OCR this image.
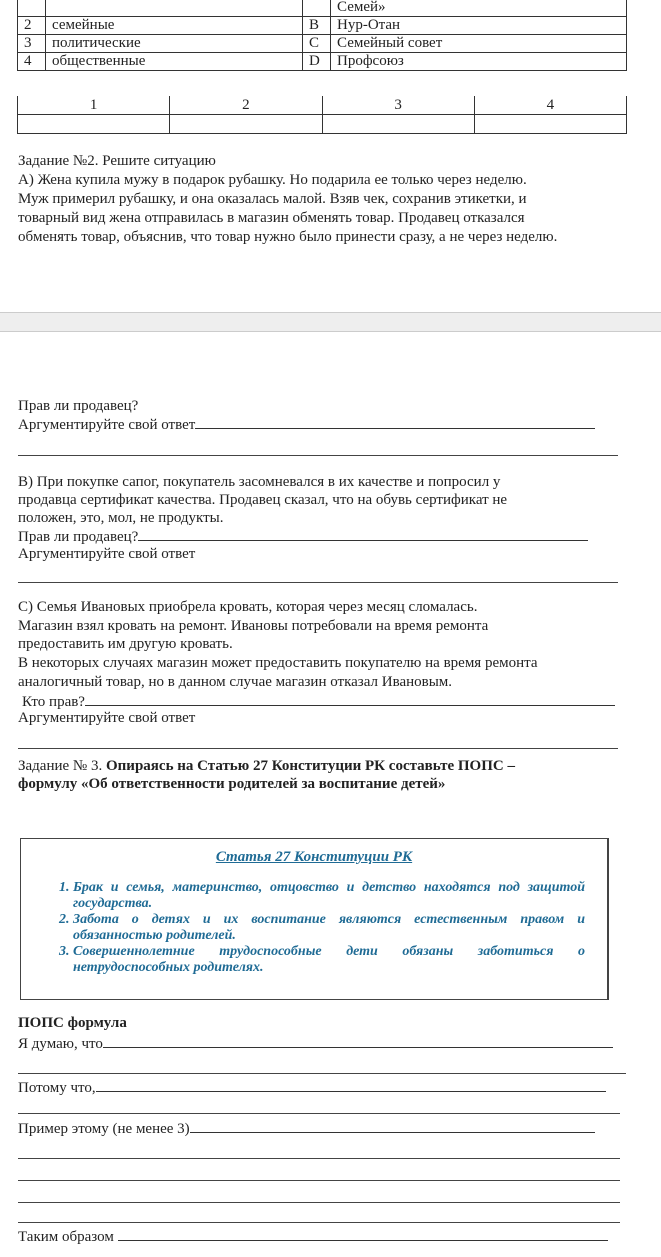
			Семей»
2	семейные	B	Нур-Отан
3	политические	C	Семейный совет
4	общественные	D	Профсоюз
1	2	3	4

Задание №2. Решите ситуацию
А) Жена купила мужу в подарок рубашку. Но подарила ее только через неделю.
Муж примерил рубашку, и она оказалась малой. Взяв чек, сохранив этикетки, и
товарный вид жена отправилась в магазин обменять товар. Продавец отказался
обменять товар, объяснив, что товар нужно было принести сразу, а не через неделю.
Прав ли продавец?
Аргументируйте свой ответ
В) При покупке сапог, покупатель засомневался в их качестве и попросил у
продавца сертификат качества. Продавец сказал, что на обувь сертификат не
положен, это, мол, не продукты.
Прав ли продавец?
Аргументируйте свой ответ
С) Семья Ивановых приобрела кровать, которая через месяц сломалась.
Магазин взял кровать на ремонт. Ивановы потребовали на время ремонта
предоставить им другую кровать.
В некоторых случаях магазин может предоставить покупателю на время ремонта
аналогичный товар, но в данном случае магазин отказал Ивановым.
Кто прав?
Аргументируйте свой ответ
Задание № 3. Опираясь на Статью 27 Конституции РК составьте ПОПС –
формулу «Об ответственности родителей за воспитание детей»
Статья 27 Конституции РК
1. Брак и семья, материнство, отцовство и детство находятся под защитой государства.
2. Забота о детях и их воспитание являются естественным правом и обязанностью родителей.
3. Совершеннолетние трудоспособные дети обязаны заботиться о нетрудоспособных родителях.
ПОПС формула
Я думаю, что
Потому что,
Пример этому (не менее 3)
Таким образом
